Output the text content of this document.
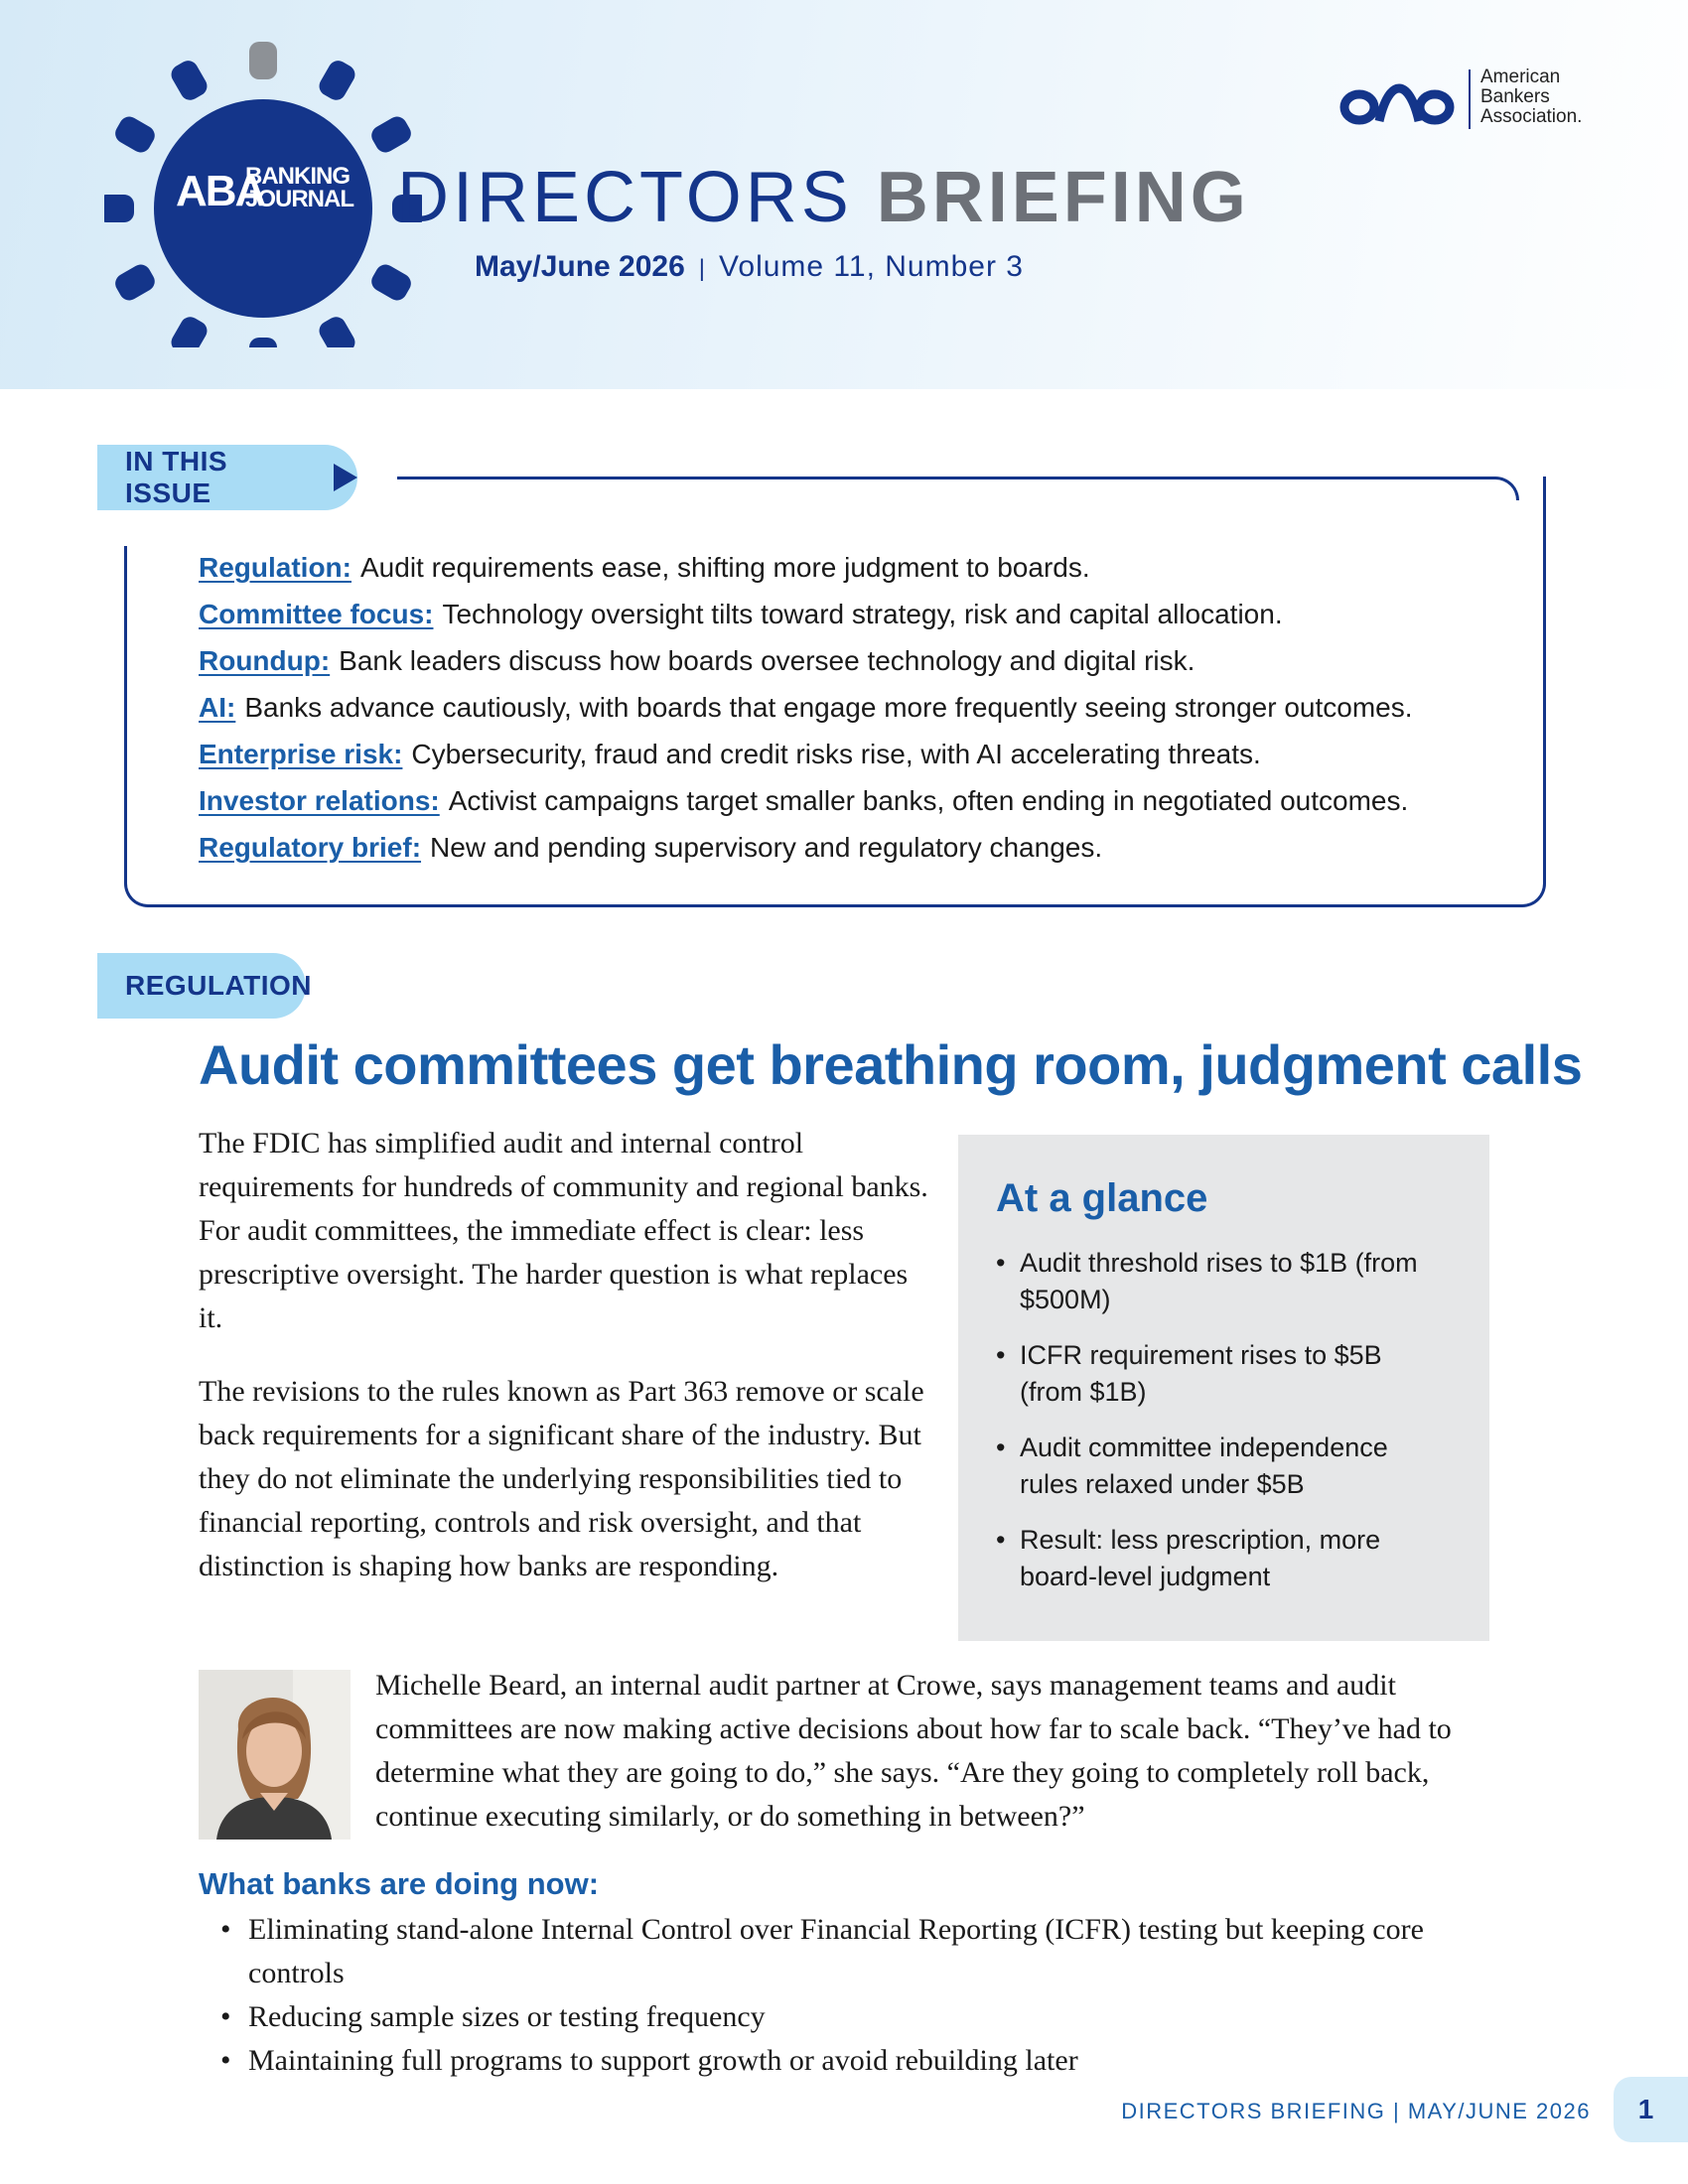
ABA
BANKING
JOURNAL DIRECTORS BRIEFING
May/June 2026 | Volume 11, Number 3
American
Bankers
Association.
IN THIS ISSUE
Regulation: Audit requirements ease, shifting more judgment to boards.
Committee focus: Technology oversight tilts toward strategy, risk and capital allocation.
Roundup: Bank leaders discuss how boards oversee technology and digital risk.
AI: Banks advance cautiously, with boards that engage more frequently seeing stronger outcomes.
Enterprise risk: Cybersecurity, fraud and credit risks rise, with AI accelerating threats.
Investor relations: Activist campaigns target smaller banks, often ending in negotiated outcomes.
Regulatory brief: New and pending supervisory and regulatory changes.
REGULATION
Audit committees get breathing room, judgment calls

The FDIC has simplified audit and internal control requirements for hundreds of community and regional banks. For audit committees, the immediate effect is clear: less prescriptive oversight. The harder question is what replaces it.

The revisions to the rules known as Part 363 remove or scale back requirements for a significant share of the industry. But they do not eliminate the underlying responsibilities tied to financial reporting, controls and risk oversight, and that distinction is shaping how banks are responding.

At a glance
• Audit threshold rises to $1B (from $500M)
• ICFR requirement rises to $5B (from $1B)
• Audit committee independence rules relaxed under $5B
• Result: less prescription, more board-level judgment

Michelle Beard, an internal audit partner at Crowe, says management teams and audit committees are now making active decisions about how far to scale back. “They’ve had to determine what they are going to do,” she says. “Are they going to completely roll back, continue executing similarly, or do something in between?”

What banks are doing now:
• Eliminating stand-alone Internal Control over Financial Reporting (ICFR) testing but keeping core controls
• Reducing sample sizes or testing frequency
• Maintaining full programs to support growth or avoid rebuilding later
DIRECTORS BRIEFING | MAY/JUNE 2026 1
